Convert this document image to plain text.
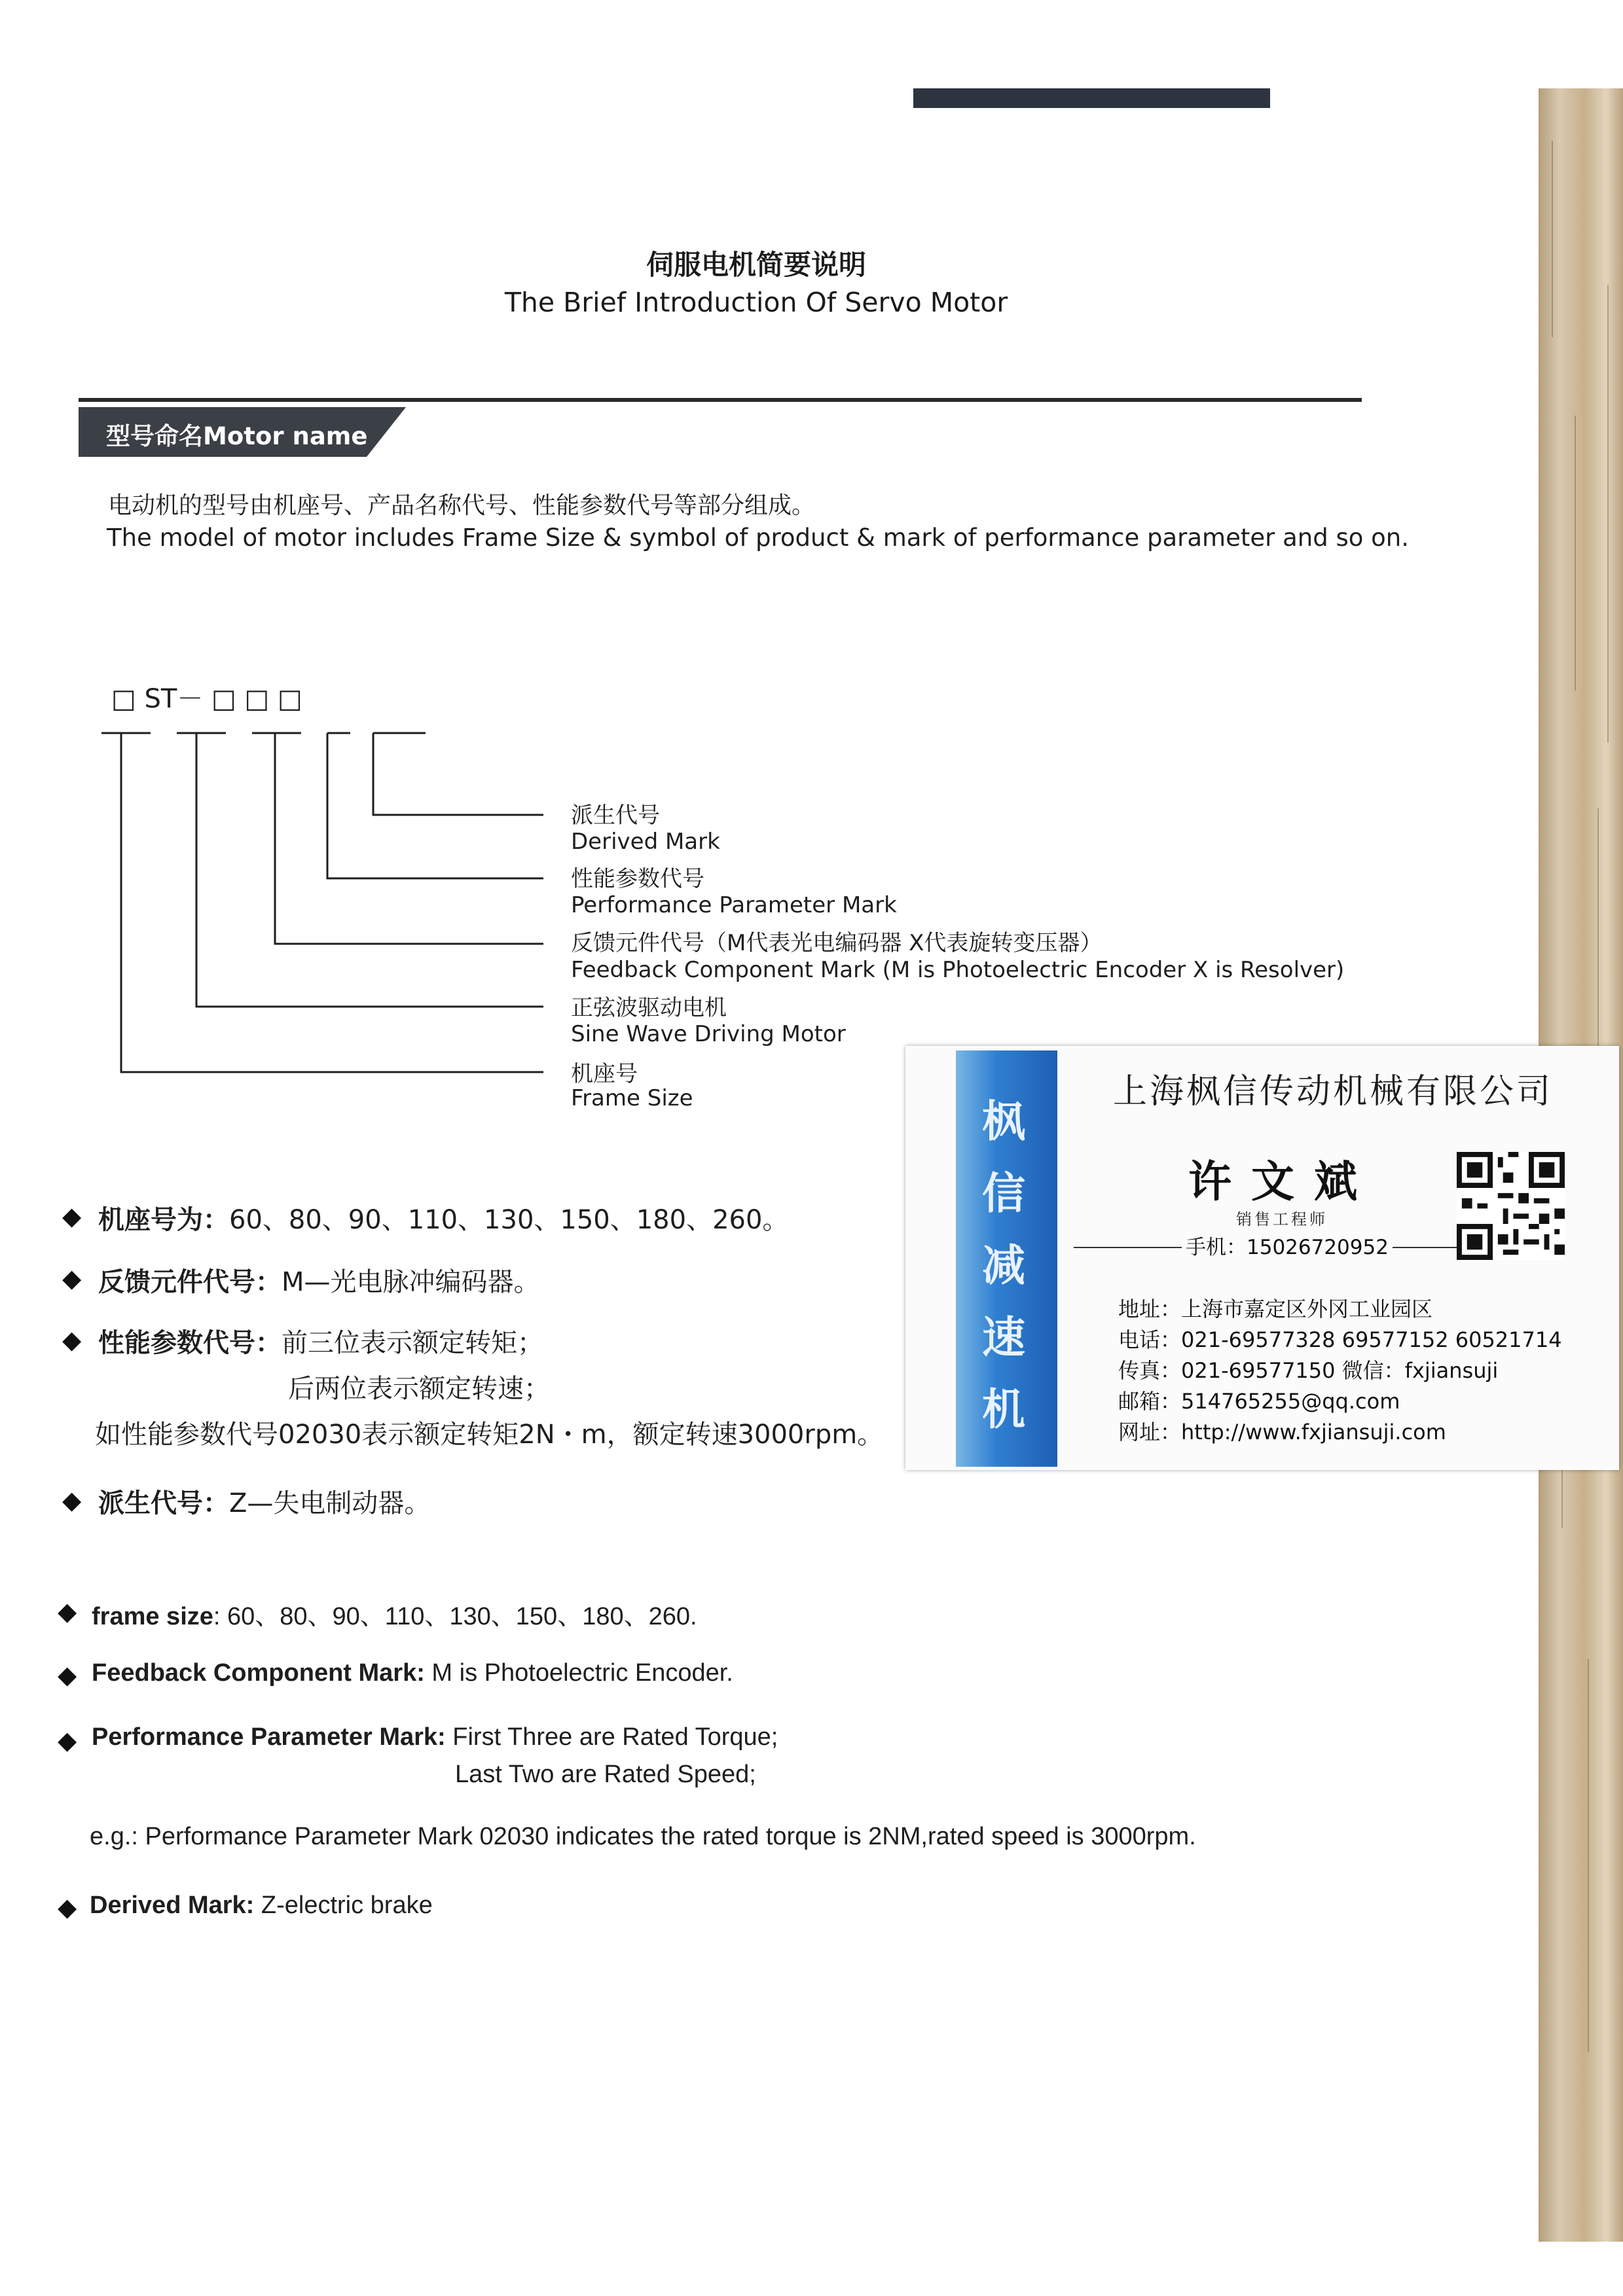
伺服电机简要说明
The Brief Introduction Of Servo Motor
型号命名Motor name
电动机的型号由机座号、产品名称代号、性能参数代号等部分组成。
The model of motor includes Frame Size & symbol of product & mark of performance parameter and so on.
□ ST－ □ □ □
派生代号
Derived Mark
性能参数代号
Performance Parameter Mark
反馈元件代号（M代表光电编码器 X代表旋转变压器）
Feedback Component Mark (M is Photoelectric Encoder X is Resolver)
正弦波驱动电机
Sine Wave Driving Motor
机座号
Frame Size
◆ 机座号为：60、80、90、110、130、150、180、260。
◆ 反馈元件代号：M—光电脉冲编码器。
◆ 性能参数代号：前三位表示额定转矩；
后两位表示额定转速；
如性能参数代号02030表示额定转矩2N・m，额定转速3000rpm。
◆ 派生代号：Z—失电制动器。
◆ frame size: 60、80、90、110、130、150、180、260.
◆ Feedback Component Mark: M is Photoelectric Encoder.
◆ Performance Parameter Mark: First Three are Rated Torque;
Last Two are Rated Speed;
e.g.: Performance Parameter Mark 02030 indicates the rated torque is 2NM,rated speed is 3000rpm.
◆ Derived Mark: Z-electric brake
枫
信
减
速
机
上海枫信传动机械有限公司
许文斌
销售工程师
手机：15026720952
地址：上海市嘉定区外冈工业园区
电话：021-69577328 69577152 60521714
传真：021-69577150 微信：fxjiansuji
邮箱：514765255@qq.com
网址：http://www.fxjiansuji.com
